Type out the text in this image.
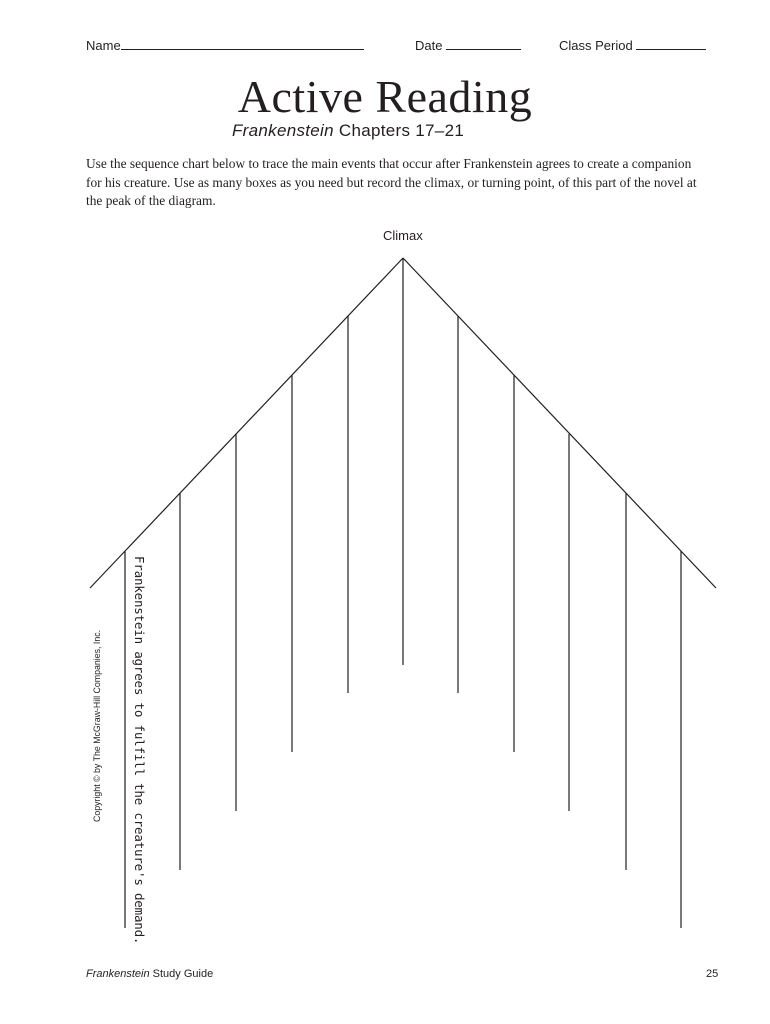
Name	Date	Class Period
Active Reading
Frankenstein Chapters 17–21
Use the sequence chart below to trace the main events that occur after Frankenstein agrees to create a companion for his creature. Use as many boxes as you need but record the climax, or turning point, of this part of the novel at the peak of the diagram.
Climax
Frankenstein agrees to fulfill the creature's demand.
Copyright © by The McGraw-Hill Companies, Inc.
Frankenstein Study Guide	25
